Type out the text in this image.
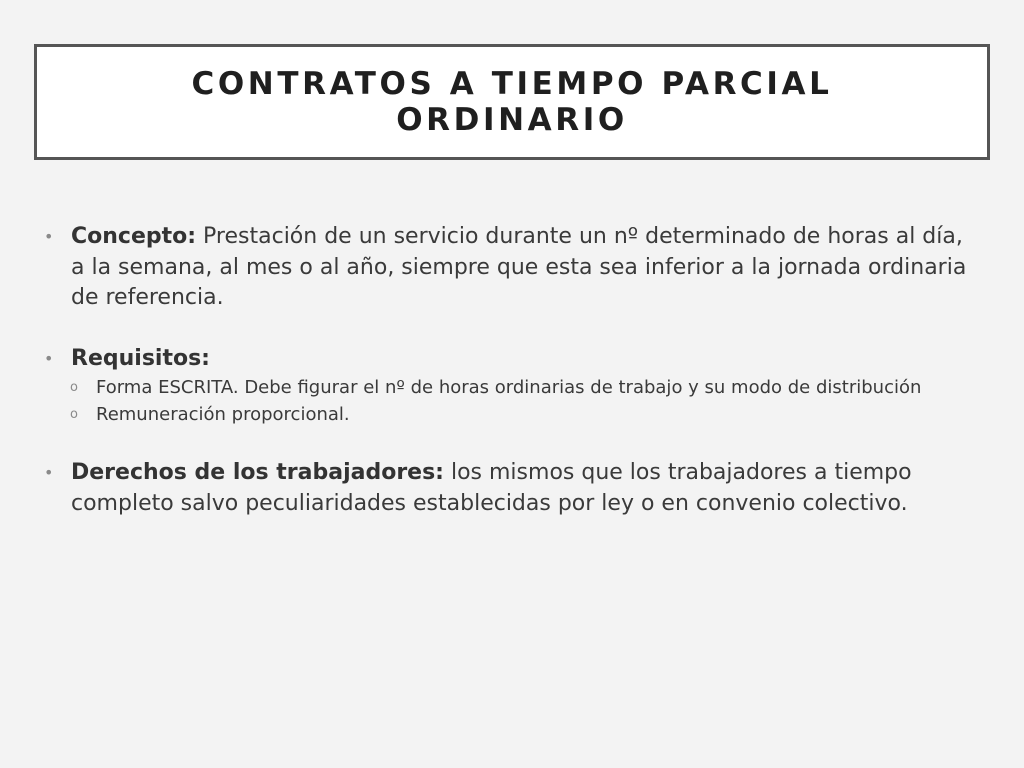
CONTRATOS A TIEMPO PARCIAL
ORDINARIO
• Concepto: Prestación de un servicio durante un nº determinado de horas al día, a la semana, al mes o al año, siempre que esta sea inferior a la jornada ordinaria de referencia.
• Requisitos:
o Forma ESCRITA. Debe figurar el nº de horas ordinarias de trabajo y su modo de distribución
o Remuneración proporcional.
• Derechos de los trabajadores: los mismos que los trabajadores a tiempo completo salvo peculiaridades establecidas por ley o en convenio colectivo.
